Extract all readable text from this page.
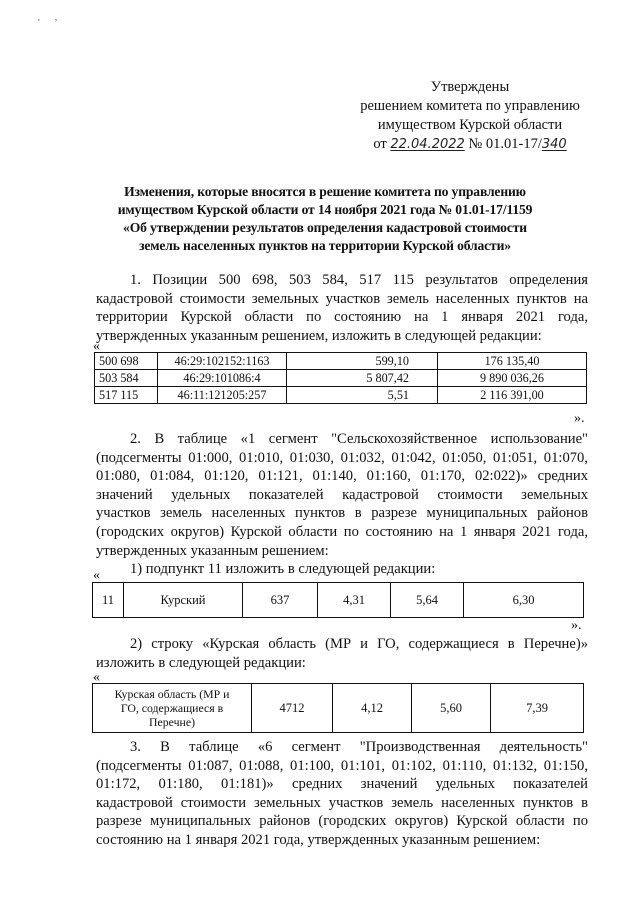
' ʼ
Утверждены
решением комитета по управлению
имуществом Курской области
от 22.04.2022 № 01.01-17/340
Изменения, которые вносятся в решение комитета по управлению
имуществом Курской области от 14 ноября 2021 года № 01.01-17/1159
«Об утверждении результатов определения кадастровой стоимости
земель населенных пунктов на территории Курской области»
1. Позиции 500 698, 503 584, 517 115 результатов определения
кадастровой стоимости земельных участков земель населенных пунктов на
территории Курской области по состоянию на 1 января 2021 года,
утвержденных указанным решением, изложить в следующей редакции:
«
500 698	46:29:102152:1163	599,10	176 135,40
503 584	46:29:101086:4	5 807,42	9 890 036,26
517 115	46:11:121205:257	5,51	2 116 391,00
».
2. В таблице «1 сегмент "Сельскохозяйственное использование"
(подсегменты 01:000, 01:010, 01:030, 01:032, 01:042, 01:050, 01:051, 01:070,
01:080, 01:084, 01:120, 01:121, 01:140, 01:160, 01:170, 02:022)» средних
значений удельных показателей кадастровой стоимости земельных
участков земель населенных пунктов в разрезе муниципальных районов
(городских округов) Курской области по состоянию на 1 января 2021 года,
утвержденных указанным решением:
1) подпункт 11 изложить в следующей редакции:
«
11	Курский	637	4,31	5,64	6,30
».
2) строку «Курская область (МР и ГО, содержащиеся в Перечне)»
изложить в следующей редакции:
«
Курская область (МР и
ГО, содержащиеся в
Перечне)
	4712	4,12	5,60	7,39
3. В таблице «6 сегмент "Производственная деятельность"
(подсегменты 01:087, 01:088, 01:100, 01:101, 01:102, 01:110, 01:132, 01:150,
01:172, 01:180, 01:181)» средних значений удельных показателей
кадастровой стоимости земельных участков земель населенных пунктов в
разрезе муниципальных районов (городских округов) Курской области по
состоянию на 1 января 2021 года, утвержденных указанным решением:
